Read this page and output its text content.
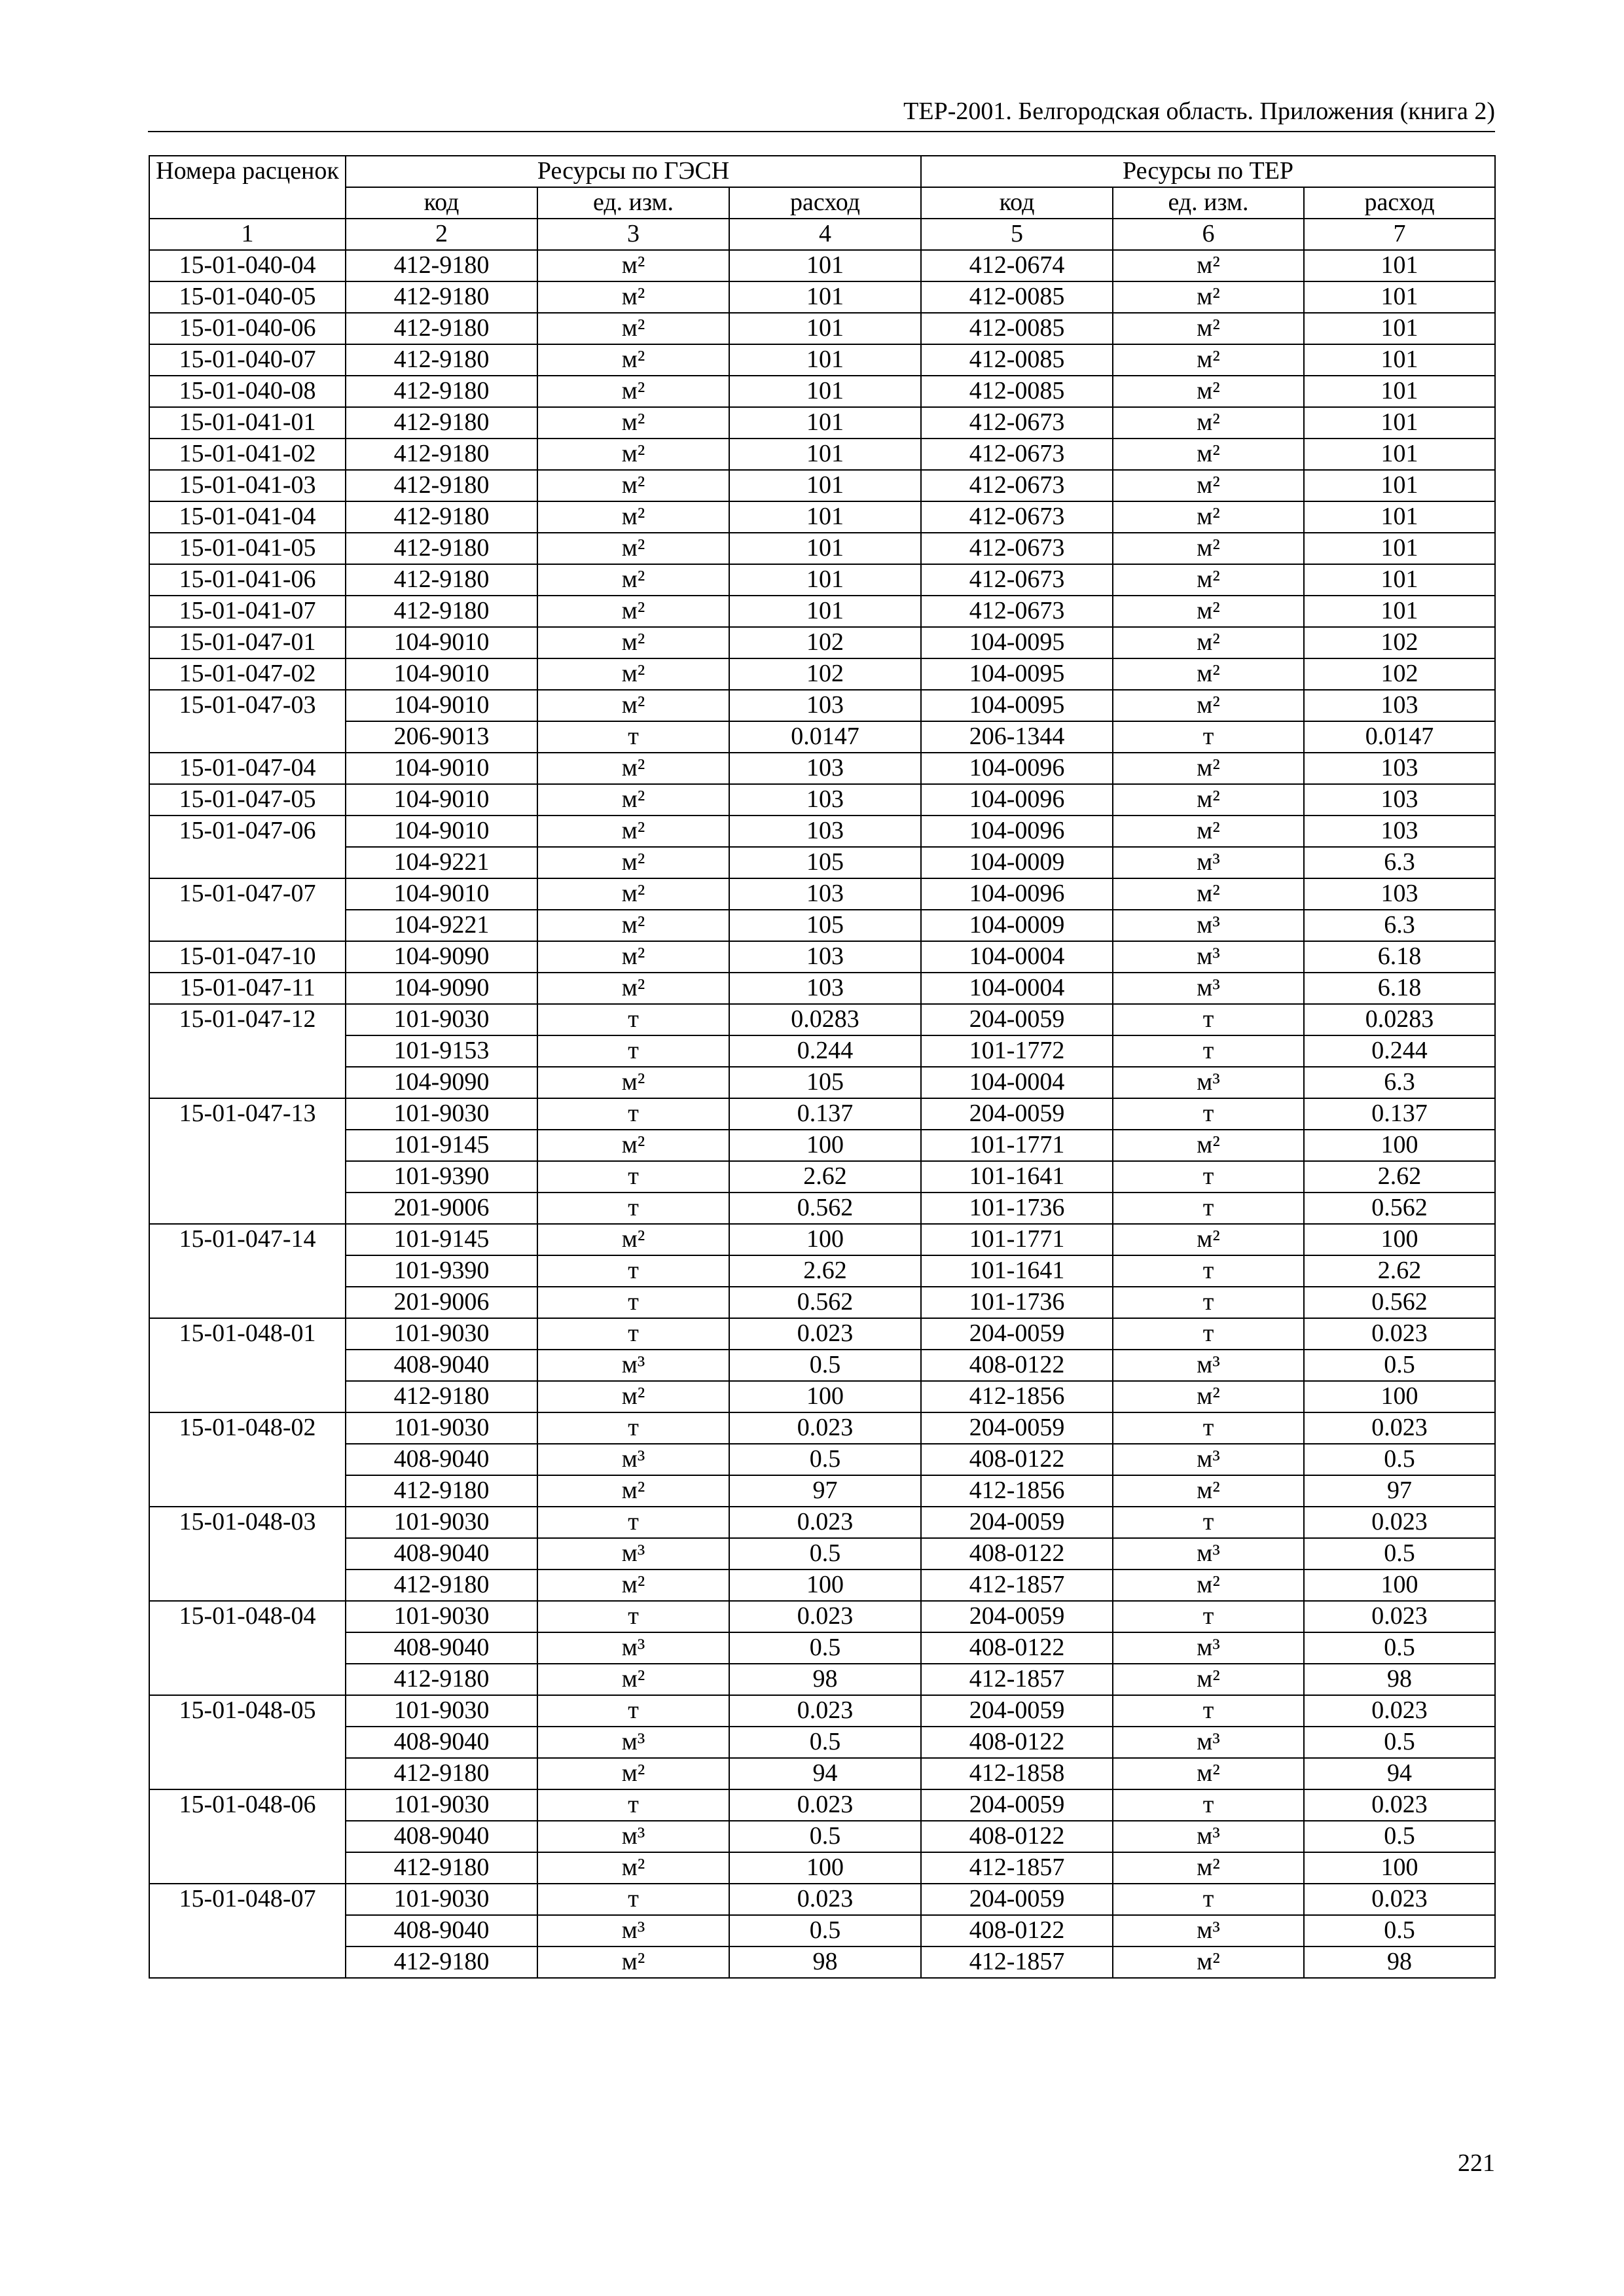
ТЕР-2001. Белгородская область. Приложения (книга 2)
Номера расценок	Ресурсы по ГЭСН			Ресурсы по ТЕР		
	код	ед. изм.	расход	код	ед. изм.	расход
1	2	3	4	5	6	7
15-01-040-04	412-9180	м²	101	412-0674	м²	101
15-01-040-05	412-9180	м²	101	412-0085	м²	101
15-01-040-06	412-9180	м²	101	412-0085	м²	101
15-01-040-07	412-9180	м²	101	412-0085	м²	101
15-01-040-08	412-9180	м²	101	412-0085	м²	101
15-01-041-01	412-9180	м²	101	412-0673	м²	101
15-01-041-02	412-9180	м²	101	412-0673	м²	101
15-01-041-03	412-9180	м²	101	412-0673	м²	101
15-01-041-04	412-9180	м²	101	412-0673	м²	101
15-01-041-05	412-9180	м²	101	412-0673	м²	101
15-01-041-06	412-9180	м²	101	412-0673	м²	101
15-01-041-07	412-9180	м²	101	412-0673	м²	101
15-01-047-01	104-9010	м²	102	104-0095	м²	102
15-01-047-02	104-9010	м²	102	104-0095	м²	102
15-01-047-03	104-9010	м²	103	104-0095	м²	103
	206-9013	т	0.0147	206-1344	т	0.0147
15-01-047-04	104-9010	м²	103	104-0096	м²	103
15-01-047-05	104-9010	м²	103	104-0096	м²	103
15-01-047-06	104-9010	м²	103	104-0096	м²	103
	104-9221	м²	105	104-0009	м³	6.3
15-01-047-07	104-9010	м²	103	104-0096	м²	103
	104-9221	м²	105	104-0009	м³	6.3
15-01-047-10	104-9090	м²	103	104-0004	м³	6.18
15-01-047-11	104-9090	м²	103	104-0004	м³	6.18
15-01-047-12	101-9030	т	0.0283	204-0059	т	0.0283
	101-9153	т	0.244	101-1772	т	0.244
	104-9090	м²	105	104-0004	м³	6.3
15-01-047-13	101-9030	т	0.137	204-0059	т	0.137
	101-9145	м²	100	101-1771	м²	100
	101-9390	т	2.62	101-1641	т	2.62
	201-9006	т	0.562	101-1736	т	0.562
15-01-047-14	101-9145	м²	100	101-1771	м²	100
	101-9390	т	2.62	101-1641	т	2.62
	201-9006	т	0.562	101-1736	т	0.562
15-01-048-01	101-9030	т	0.023	204-0059	т	0.023
	408-9040	м³	0.5	408-0122	м³	0.5
	412-9180	м²	100	412-1856	м²	100
15-01-048-02	101-9030	т	0.023	204-0059	т	0.023
	408-9040	м³	0.5	408-0122	м³	0.5
	412-9180	м²	97	412-1856	м²	97
15-01-048-03	101-9030	т	0.023	204-0059	т	0.023
	408-9040	м³	0.5	408-0122	м³	0.5
	412-9180	м²	100	412-1857	м²	100
15-01-048-04	101-9030	т	0.023	204-0059	т	0.023
	408-9040	м³	0.5	408-0122	м³	0.5
	412-9180	м²	98	412-1857	м²	98
15-01-048-05	101-9030	т	0.023	204-0059	т	0.023
	408-9040	м³	0.5	408-0122	м³	0.5
	412-9180	м²	94	412-1858	м²	94
15-01-048-06	101-9030	т	0.023	204-0059	т	0.023
	408-9040	м³	0.5	408-0122	м³	0.5
	412-9180	м²	100	412-1857	м²	100
15-01-048-07	101-9030	т	0.023	204-0059	т	0.023
	408-9040	м³	0.5	408-0122	м³	0.5
	412-9180	м²	98	412-1857	м²	98
221
